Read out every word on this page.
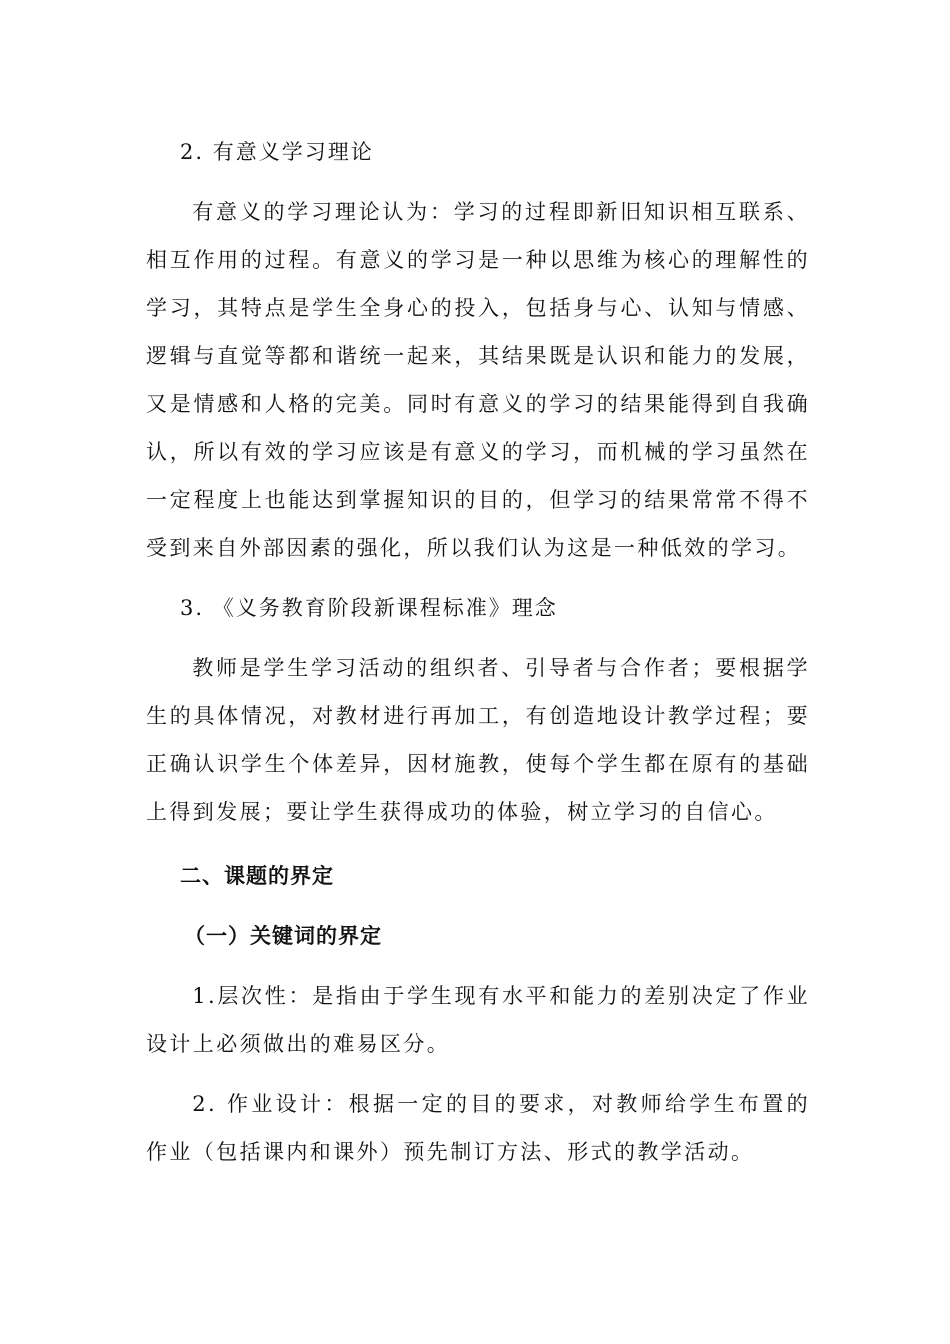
2. 有意义学习理论

有意义的学习理论认为：学习的过程即新旧知识相互联系、相互作用的过程。有意义的学习是一种以思维为核心的理解性的学习，其特点是学生全身心的投入，包括身与心、认知与情感、逻辑与直觉等都和谐统一起来，其结果既是认识和能力的发展，又是情感和人格的完美。同时有意义的学习的结果能得到自我确认，所以有效的学习应该是有意义的学习，而机械的学习虽然在一定程度上也能达到掌握知识的目的，但学习的结果常常不得不受到来自外部因素的强化，所以我们认为这是一种低效的学习。

3. 《义务教育阶段新课程标准》理念

教师是学生学习活动的组织者、引导者与合作者；要根据学生的具体情况，对教材进行再加工，有创造地设计教学过程；要正确认识学生个体差异，因材施教，使每个学生都在原有的基础上得到发展；要让学生获得成功的体验，树立学习的自信心。

二、课题的界定
（一）关键词的界定

1.层次性：是指由于学生现有水平和能力的差别决定了作业设计上必须做出的难易区分。

2. 作业设计：根据一定的目的要求，对教师给学生布置的作业（包括课内和课外）预先制订方法、形式的教学活动。
